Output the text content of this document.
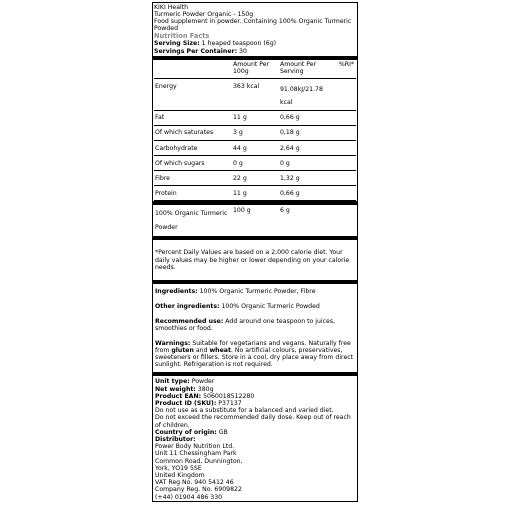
KIKI Health
Turmeric Powder Organic - 150g
Food supplement in powder. Containing 100% Organic Turmeric Powded
Nutrition Facts
Serving Size: 1 heaped teaspoon (6g)
Servings Per Container: 30
	Amount Per 100g	Amount Per Serving	%RI*

Energy	363 kcal	91.08kJ/21.78 kcal	
Fat	11 g	0,66 g	
Of which saturates	3 g	0,18 g	
Carbohydrate	44 g	2,64 g	
Of which sugars	0 g	0 g	
Fibre	22 g	1,32 g	
Protein	11 g	0,66 g	
100% Organic Turmeric Powder	100 g	6 g	
*Percent Daily Values are based on a 2,000 calorie diet. Your daily values may be higher or lower depending on your calorie needs.
Ingredients: 100% Organic Turmeric Powder, Fibre
Other ingredients: 100% Organic Turmeric Powded
Recommended use: Add around one teaspoon to juices, smoothies or food.
Warnings: Suitable for vegetarians and vegans. Naturally free from gluten and wheat. No artificial colours, preservatives, sweeteners or fillers. Store in a cool, dry place away from direct sunlight. Refrigeration is not required.
Unit type: Powder
Net weight: 380g
Product EAN: 5060018512280
Product ID (SKU): P37137
Do not use as a substitute for a balanced and varied diet.
Do not exceed the recommended daily dose. Keep out of reach of children.
Country of origin: GB
Distributor:
Power Body Nutrition Ltd.
Unit 11 Chessingham Park
Common Road, Dunnington,
York, YO19 5SE
United Kingdom
VAT Reg No. 940 5412 46
Company Reg. No. 6909822
(+44) 01904 486 330
